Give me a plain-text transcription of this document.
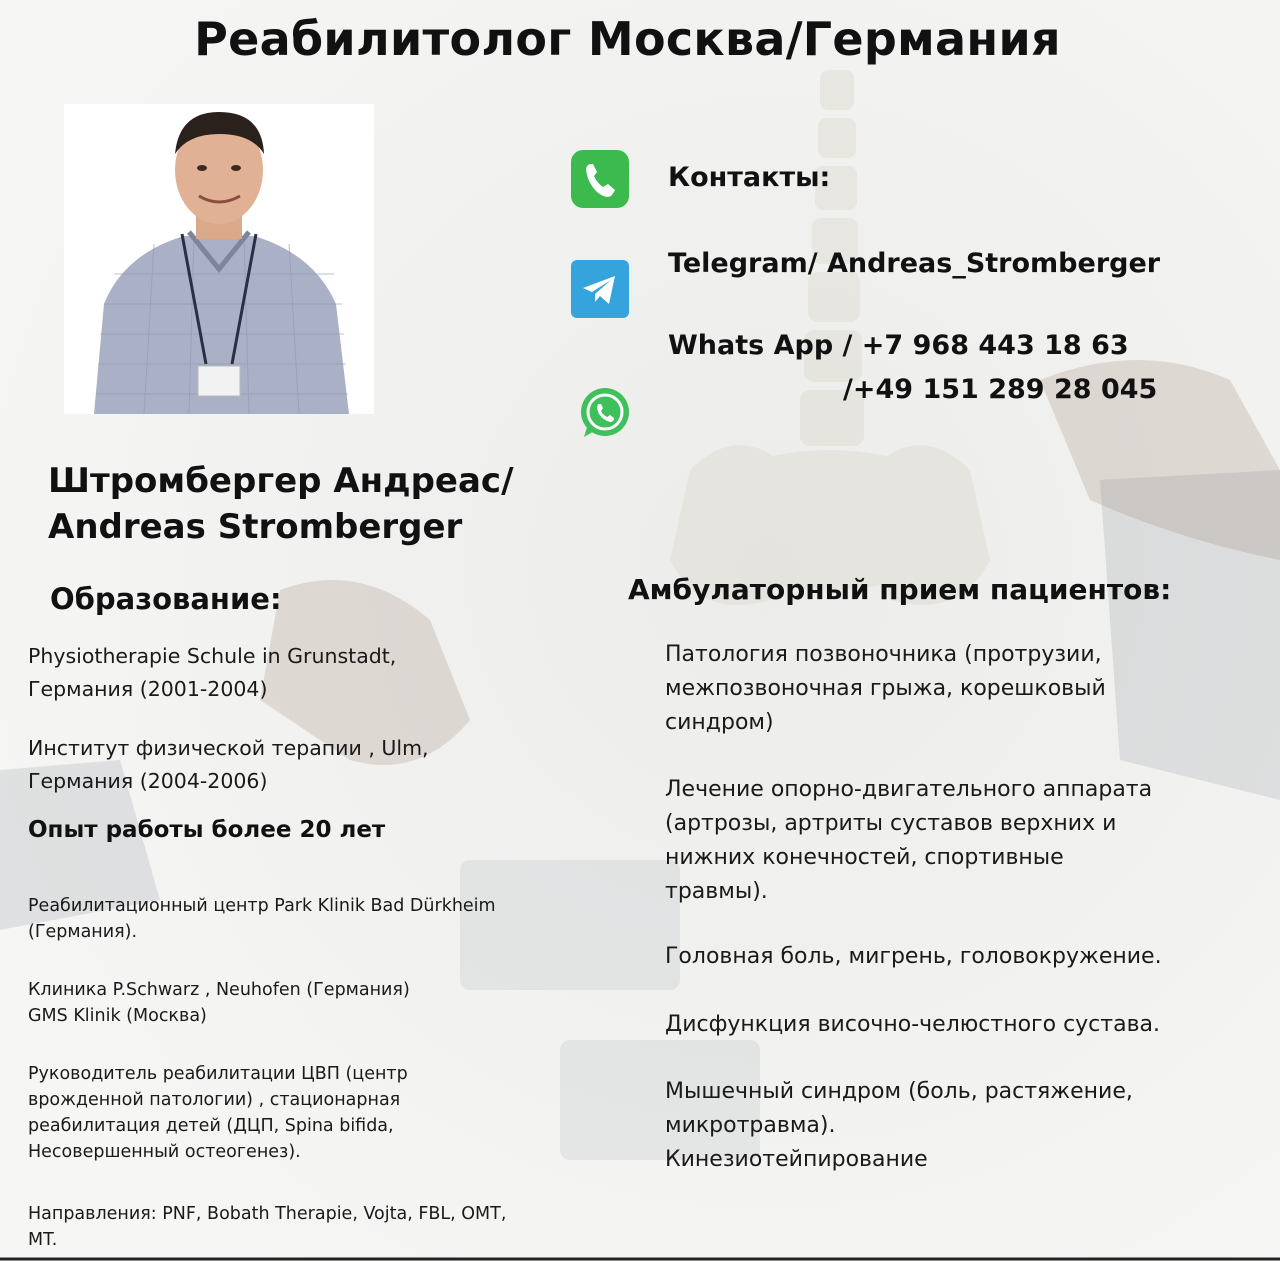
Реабилитолог Москва/Германия
Штромбергер Андреас/
Andreas Stromberger
Контакты:
Telegram/ Andreas_Stromberger
Whats App / +7 968 443 18 63
/+49 151 289 28 045
Образование:
Physiotherapie Schule in Grunstadt,
Германия (2001-2004)
Институт физической терапии , Ulm,
Германия (2004-2006)
Опыт работы более 20 лет
Реабилитационный центр Park Klinik Bad Dürkheim
(Германия).
Клиника P.Schwarz , Neuhofen (Германия)
GMS Klinik (Москва)
Руководитель реабилитации ЦВП (центр
врожденной патологии) , стационарная
реабилитация детей (ДЦП, Spina bifida,
Несовершенный остеогенез).
Направления: PNF, Bobath Therapie, Vojta, FBL, OMT,
MT.
Амбулаторный прием пациентов:
Патология позвоночника (протрузии,
межпозвоночная грыжа, корешковый
синдром)
Лечение опорно-двигательного аппарата
(артрозы, артриты суставов верхних и
нижних конечностей, спортивные
травмы).
Головная боль, мигрень, головокружение.
Дисфункция височно-челюстного сустава.
Мышечный синдром (боль, растяжение,
микротравма).
Кинезиотейпирование
